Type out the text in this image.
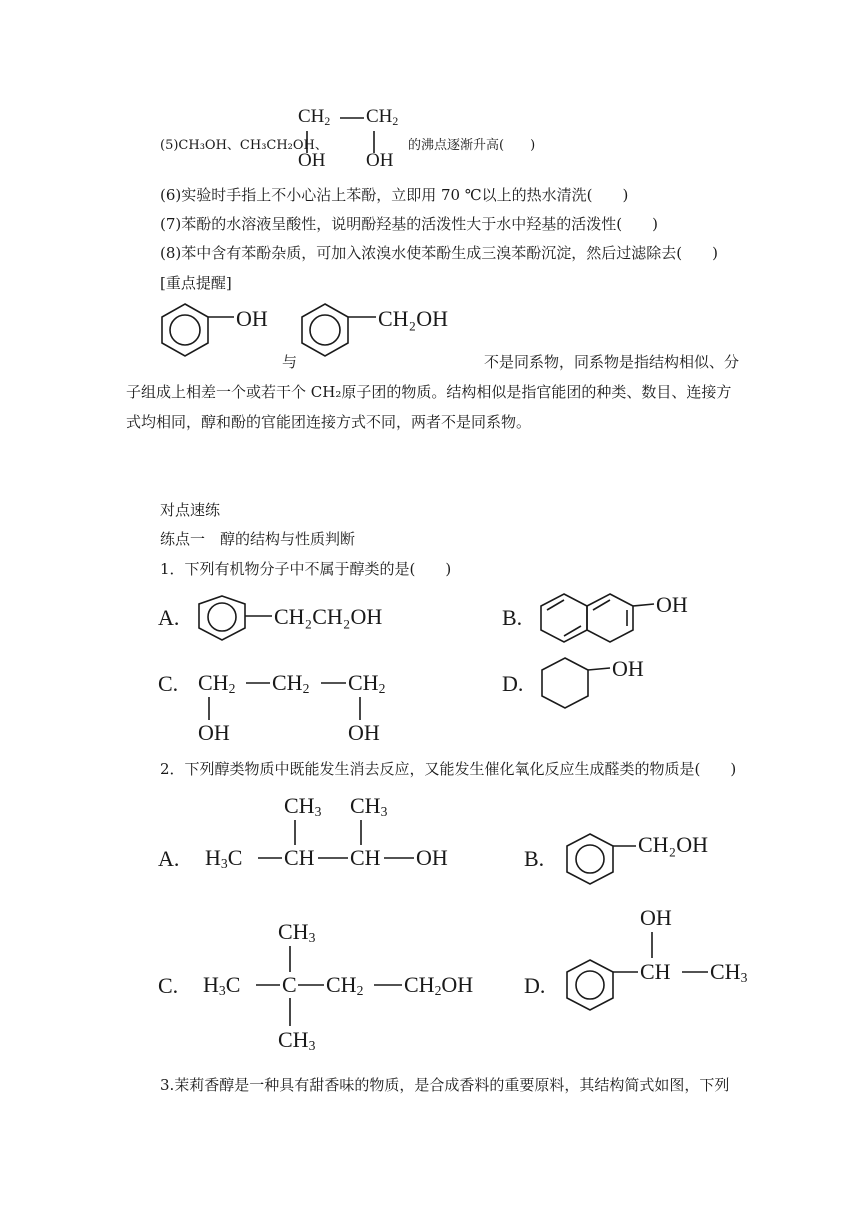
(5)CH₃OH、CH₃CH₂OH、
$CH_2$ $CH_2$
OH OH
的沸点逐渐升高(　　)
(6)实验时手指上不小心沾上苯酚，立即用 70 ℃以上的热水清洗(　　)
(7)苯酚的水溶液呈酸性，说明酚羟基的活泼性大于水中羟基的活泼性(　　)
(8)苯中含有苯酚杂质，可加入浓溴水使苯酚生成三溴苯酚沉淀，然后过滤除去(　　)
[重点提醒]
OH
与
CH₂OH
不是同系物，同系物是指结构相似、分
子组成上相差一个或若干个 CH₂原子团的物质。结构相似是指官能团的种类、数目、连接方
式均相同，醇和酚的官能团连接方式不同，两者不是同系物。
对点速练
练点一　醇的结构与性质判断
1．下列有机物分子中不属于醇类的是(　　)
A.	CH₂CH₂OH	B.
OH
C. $CH_2$ $CH_2$ $CH_2$
OH	OH
D.
OH
2．下列醇类物质中既能发生消去反应，又能发生催化氧化反应生成醛类的物质是(　　)
$CH_3$ $CH_3$
A. $H_3C$ CH CH OH	B.
CH₂OH
$CH_3$
C. $H_3C$ C $CH_2$ $CH_2OH$
$CH_3$
D.
OH
CH $CH_3$
3.茉莉香醇是一种具有甜香味的物质，是合成香料的重要原料，其结构简式如图，下列
